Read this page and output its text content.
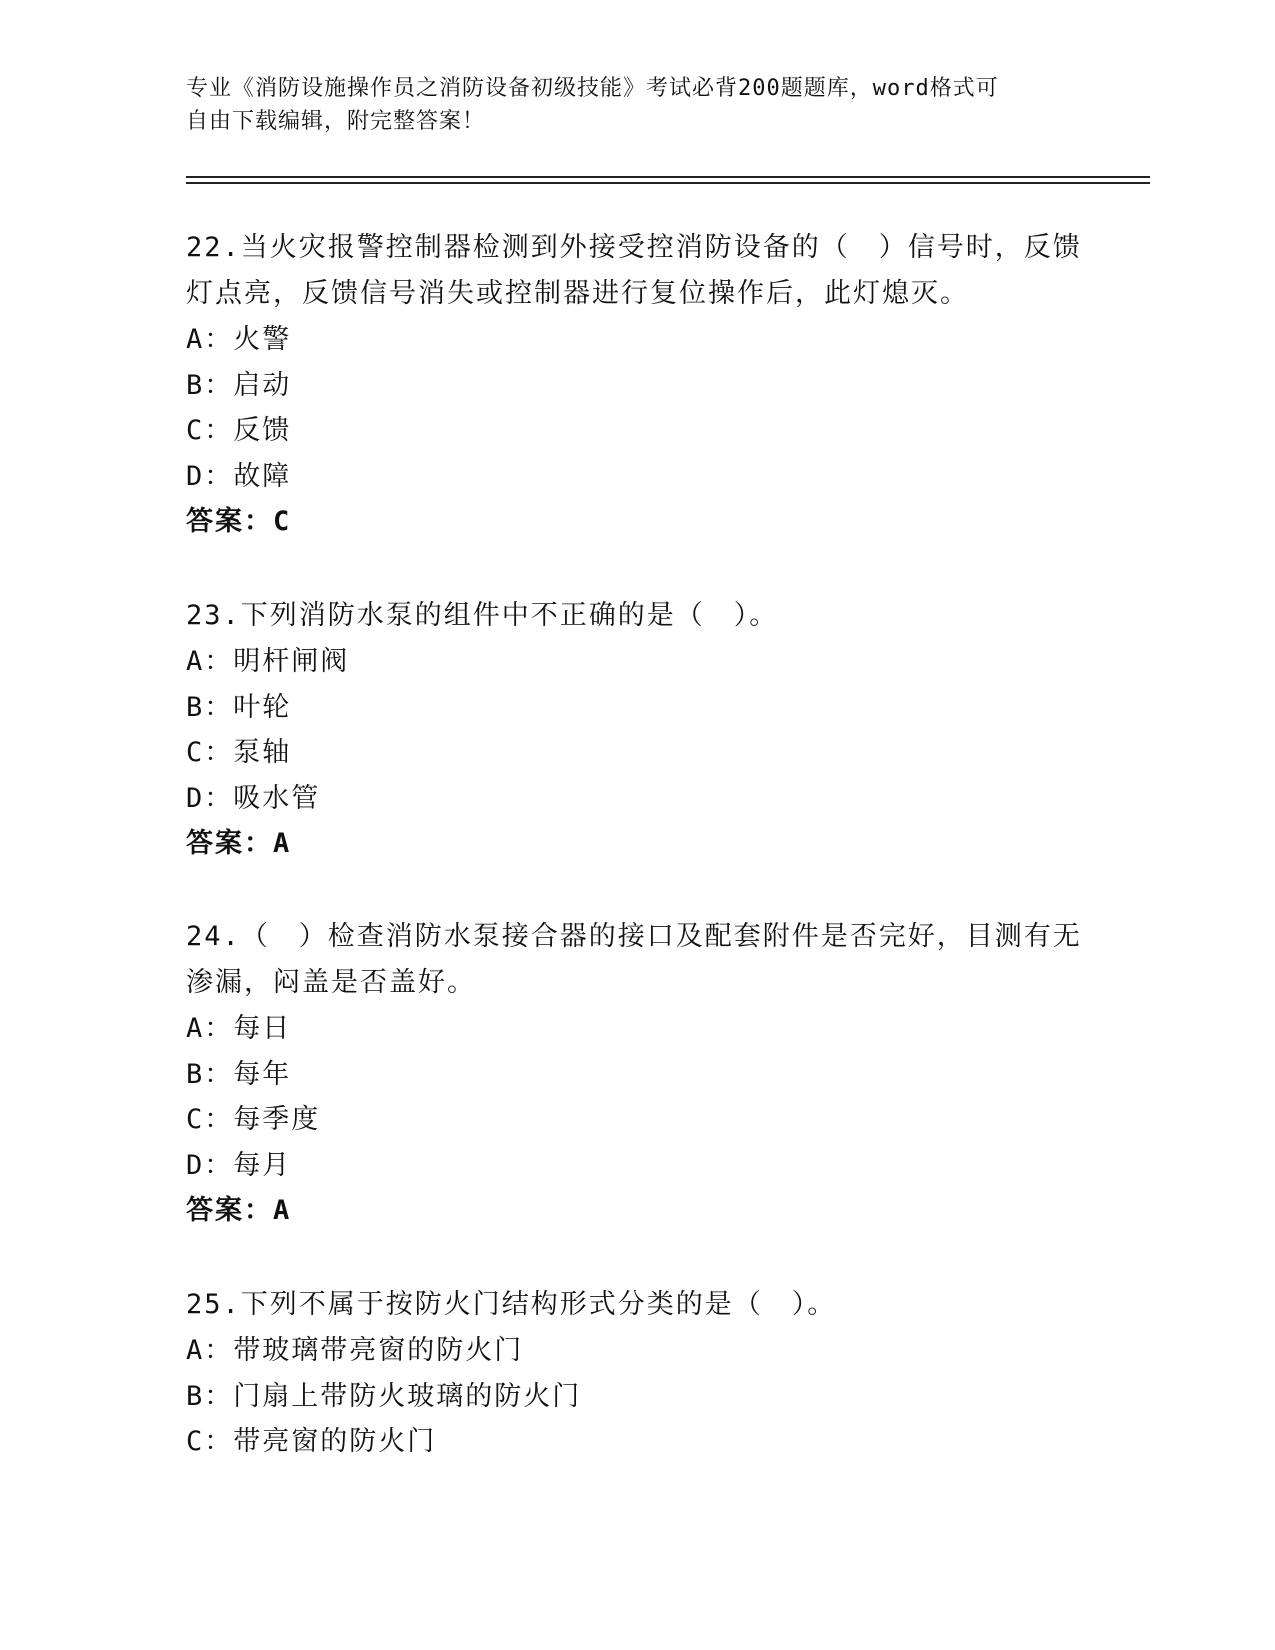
专业《消防设施操作员之消防设备初级技能》考试必背200题题库，word格式可
自由下载编辑，附完整答案！

22.当火灾报警控制器检测到外接受控消防设备的（　）信号时，反馈灯点亮，反馈信号消失或控制器进行复位操作后，此灯熄灭。

A：火警

B：启动

C：反馈

D：故障

答案：C

23.下列消防水泵的组件中不正确的是（　）。

A：明杆闸阀

B：叶轮

C：泵轴

D：吸水管

答案：A

24.（　）检查消防水泵接合器的接口及配套附件是否完好，目测有无渗漏，闷盖是否盖好。

A：每日

B：每年

C：每季度

D：每月

答案：A

25.下列不属于按防火门结构形式分类的是（　）。

A：带玻璃带亮窗的防火门

B：门扇上带防火玻璃的防火门

C：带亮窗的防火门
